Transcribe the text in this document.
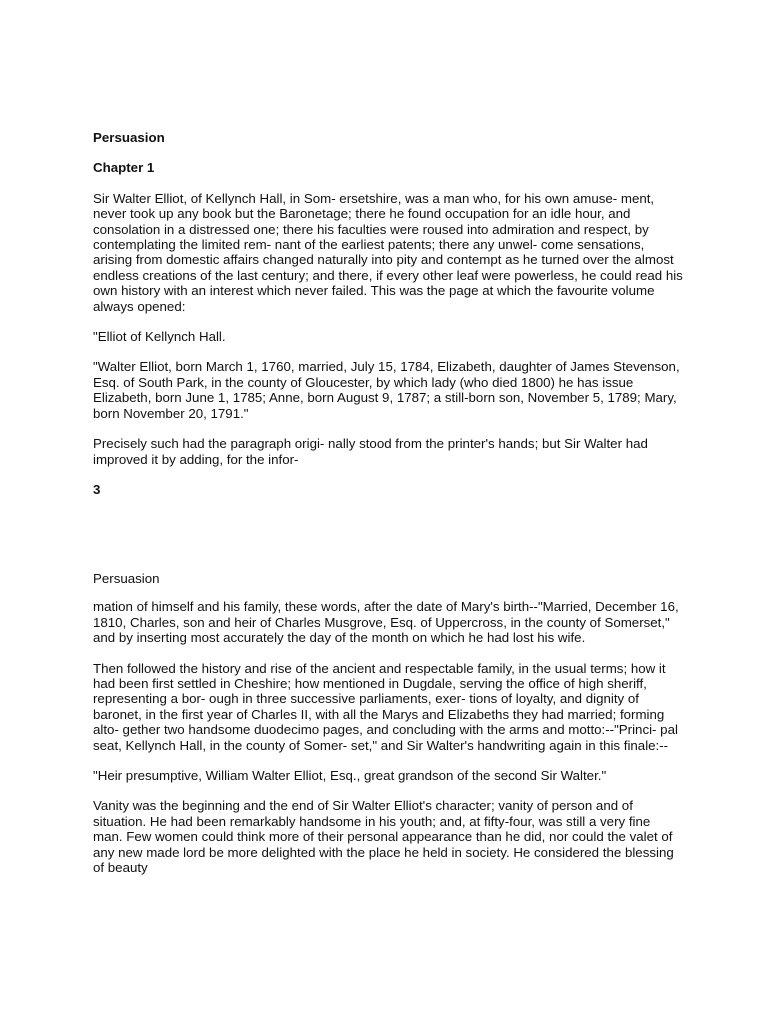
Persuasion
Chapter 1

Sir Walter Elliot, of Kellynch Hall, in Som- ersetshire, was a man who, for his own amuse- ment, never took up any book but the Baronetage; there he found occupation for an idle hour, and consolation in a distressed one; there his faculties were roused into admiration and respect, by contemplating the limited rem- nant of the earliest patents; there any unwel- come sensations, arising from domestic affairs changed naturally into pity and contempt as he turned over the almost endless creations of the last century; and there, if every other leaf were powerless, he could read his own history with an interest which never failed. This was the page at which the favourite volume always opened:

"Elliot of Kellynch Hall.

"Walter Elliot, born March 1, 1760, married, July 15, 1784, Elizabeth, daughter of James Stevenson, Esq. of South Park, in the county of Gloucester, by which lady (who died 1800) he has issue Elizabeth, born June 1, 1785; Anne, born August 9, 1787; a still-born son, November 5, 1789; Mary, born November 20, 1791."

Precisely such had the paragraph origi- nally stood from the printer's hands; but Sir Walter had improved it by adding, for the infor-

3
Persuasion

mation of himself and his family, these words, after the date of Mary's birth--"Married, December 16, 1810, Charles, son and heir of Charles Musgrove, Esq. of Uppercross, in the county of Somerset," and by inserting most accurately the day of the month on which he had lost his wife.

Then followed the history and rise of the ancient and respectable family, in the usual terms; how it had been first settled in Cheshire; how mentioned in Dugdale, serving the office of high sheriff, representing a bor- ough in three successive parliaments, exer- tions of loyalty, and dignity of baronet, in the first year of Charles II, with all the Marys and Elizabeths they had married; forming alto- gether two handsome duodecimo pages, and concluding with the arms and motto:--"Princi- pal seat, Kellynch Hall, in the county of Somer- set," and Sir Walter's handwriting again in this finale:--

"Heir presumptive, William Walter Elliot, Esq., great grandson of the second Sir Walter."

Vanity was the beginning and the end of Sir Walter Elliot's character; vanity of person and of situation. He had been remarkably handsome in his youth; and, at fifty-four, was still a very fine man. Few women could think more of their personal appearance than he did, nor could the valet of any new made lord be more delighted with the place he held in society. He considered the blessing of beauty
